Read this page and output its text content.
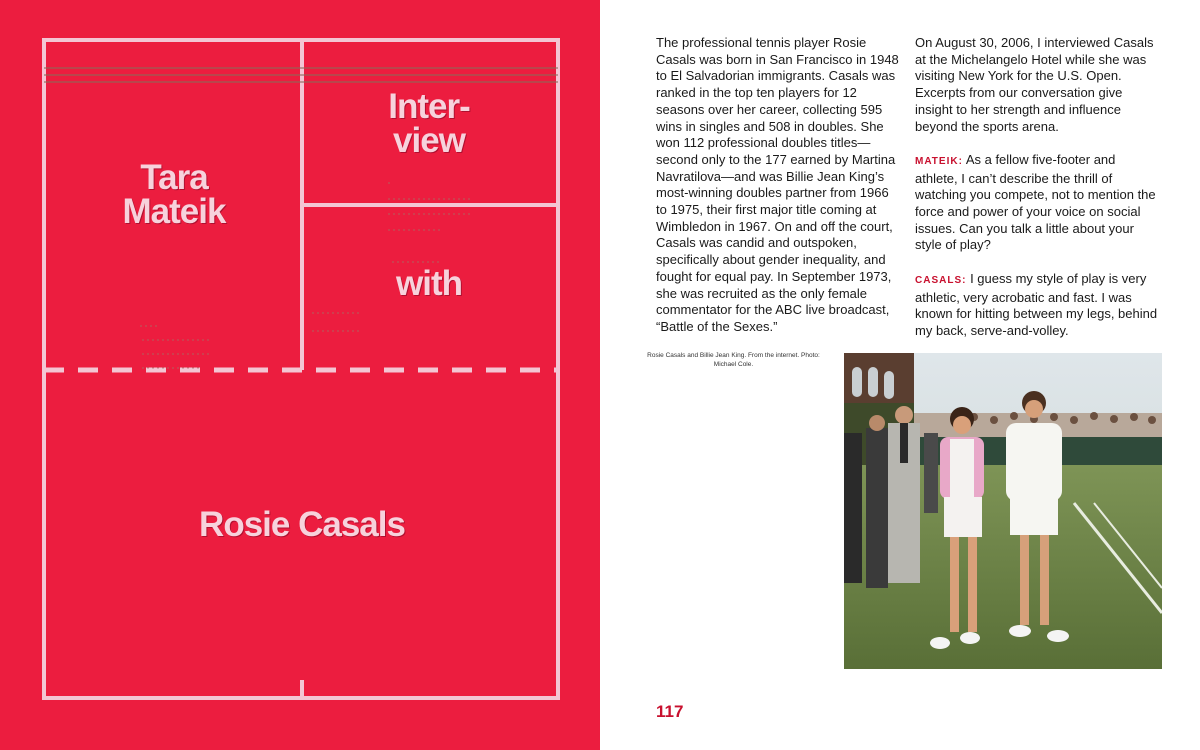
Tara
Mateik
Inter-
view
with
Rosie Casals

The professional tennis player Rosie Casals was born in San Francisco in 1948 to El Salvadorian immigrants. Casals was ranked in the top ten players for 12 seasons over her career, collecting 595 wins in singles and 508 in doubles. She won 112 professional doubles titles—second only to the 177 earned by Martina Navratilova—and was Billie Jean King’s most-winning doubles partner from 1966 to 1975, their first major title coming at Wimbledon in 1967. On and off the court, Casals was candid and outspoken, specifically about gender inequality, and fought for equal pay. In September 1973, she was recruited as the only female commentator for the ABC live broadcast, “Battle of the Sexes.”

On August 30, 2006, I interviewed Casals at the Michelangelo Hotel while she was visiting New York for the U.S. Open. Excerpts from our conversation give insight to her strength and influence beyond the sports arena.

MATEIK: As a fellow five-footer and athlete, I can’t describe the thrill of watching you compete, not to mention the force and power of your voice on social issues. Can you talk a little about your style of play?

CASALS: I guess my style of play is very athletic, very acrobatic and fast. I was known for hitting between my legs, behind my back, serve-and-volley.

Rosie Casals and Billie Jean King. From the internet. Photo: Michael Cole.
117
